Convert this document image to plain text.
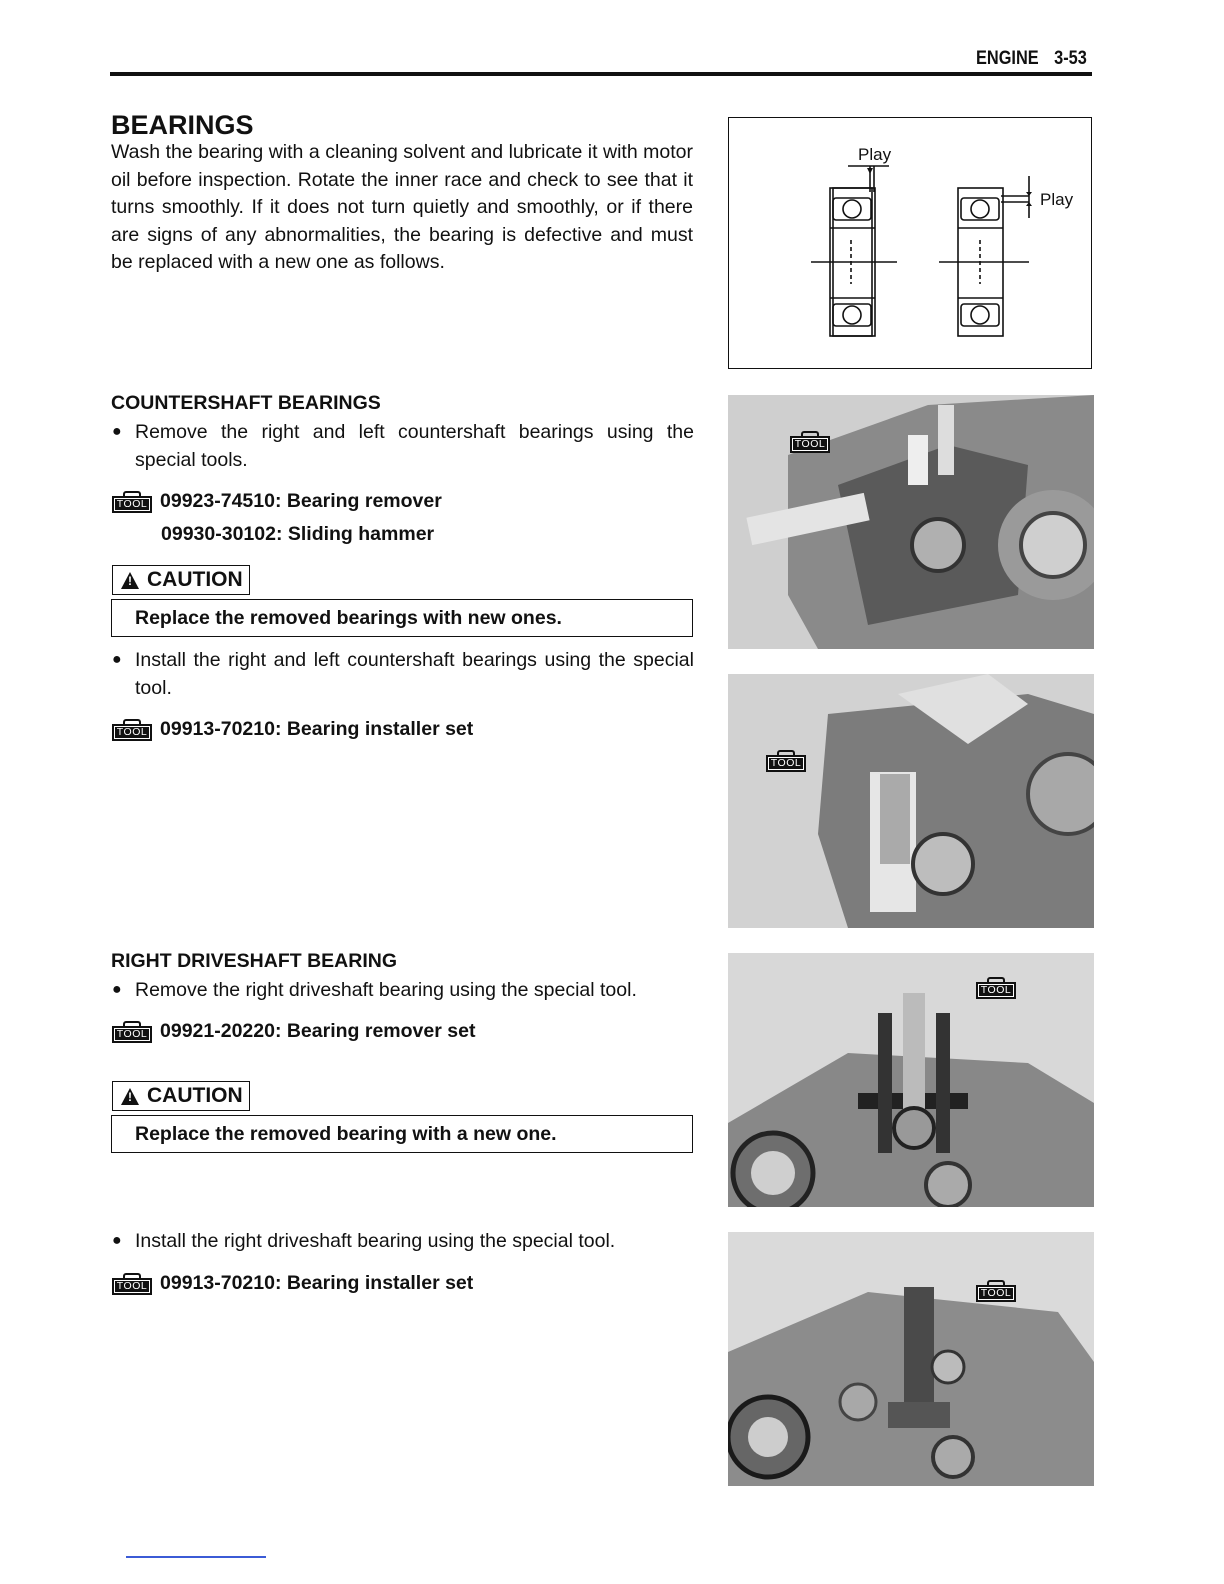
ENGINE 3-53
BEARINGS
Wash the bearing with a cleaning solvent and lubricate it with motor oil before inspection. Rotate the inner race and check to see that it turns smoothly. If it does not turn quietly and smoothly, or if there are signs of any abnormalities, the bearing is defective and must be replaced with a new one as follows.
Play
Play
COUNTERSHAFT BEARINGS
● Remove the right and left countershaft bearings using the special tools.
TOOL 09923-74510: Bearing remover
09930-30102: Sliding hammer
!
CAUTION
Replace the removed bearings with new ones.
● Install the right and left countershaft bearings using the special tool.
TOOL 09913-70210: Bearing installer set
RIGHT DRIVESHAFT BEARING
● Remove the right driveshaft bearing using the special tool.
TOOL 09921-20220: Bearing remover set
!
CAUTION
Replace the removed bearing with a new one.
● Install the right driveshaft bearing using the special tool.
TOOL 09913-70210: Bearing installer set
TOOL
TOOL
TOOL
TOOL
